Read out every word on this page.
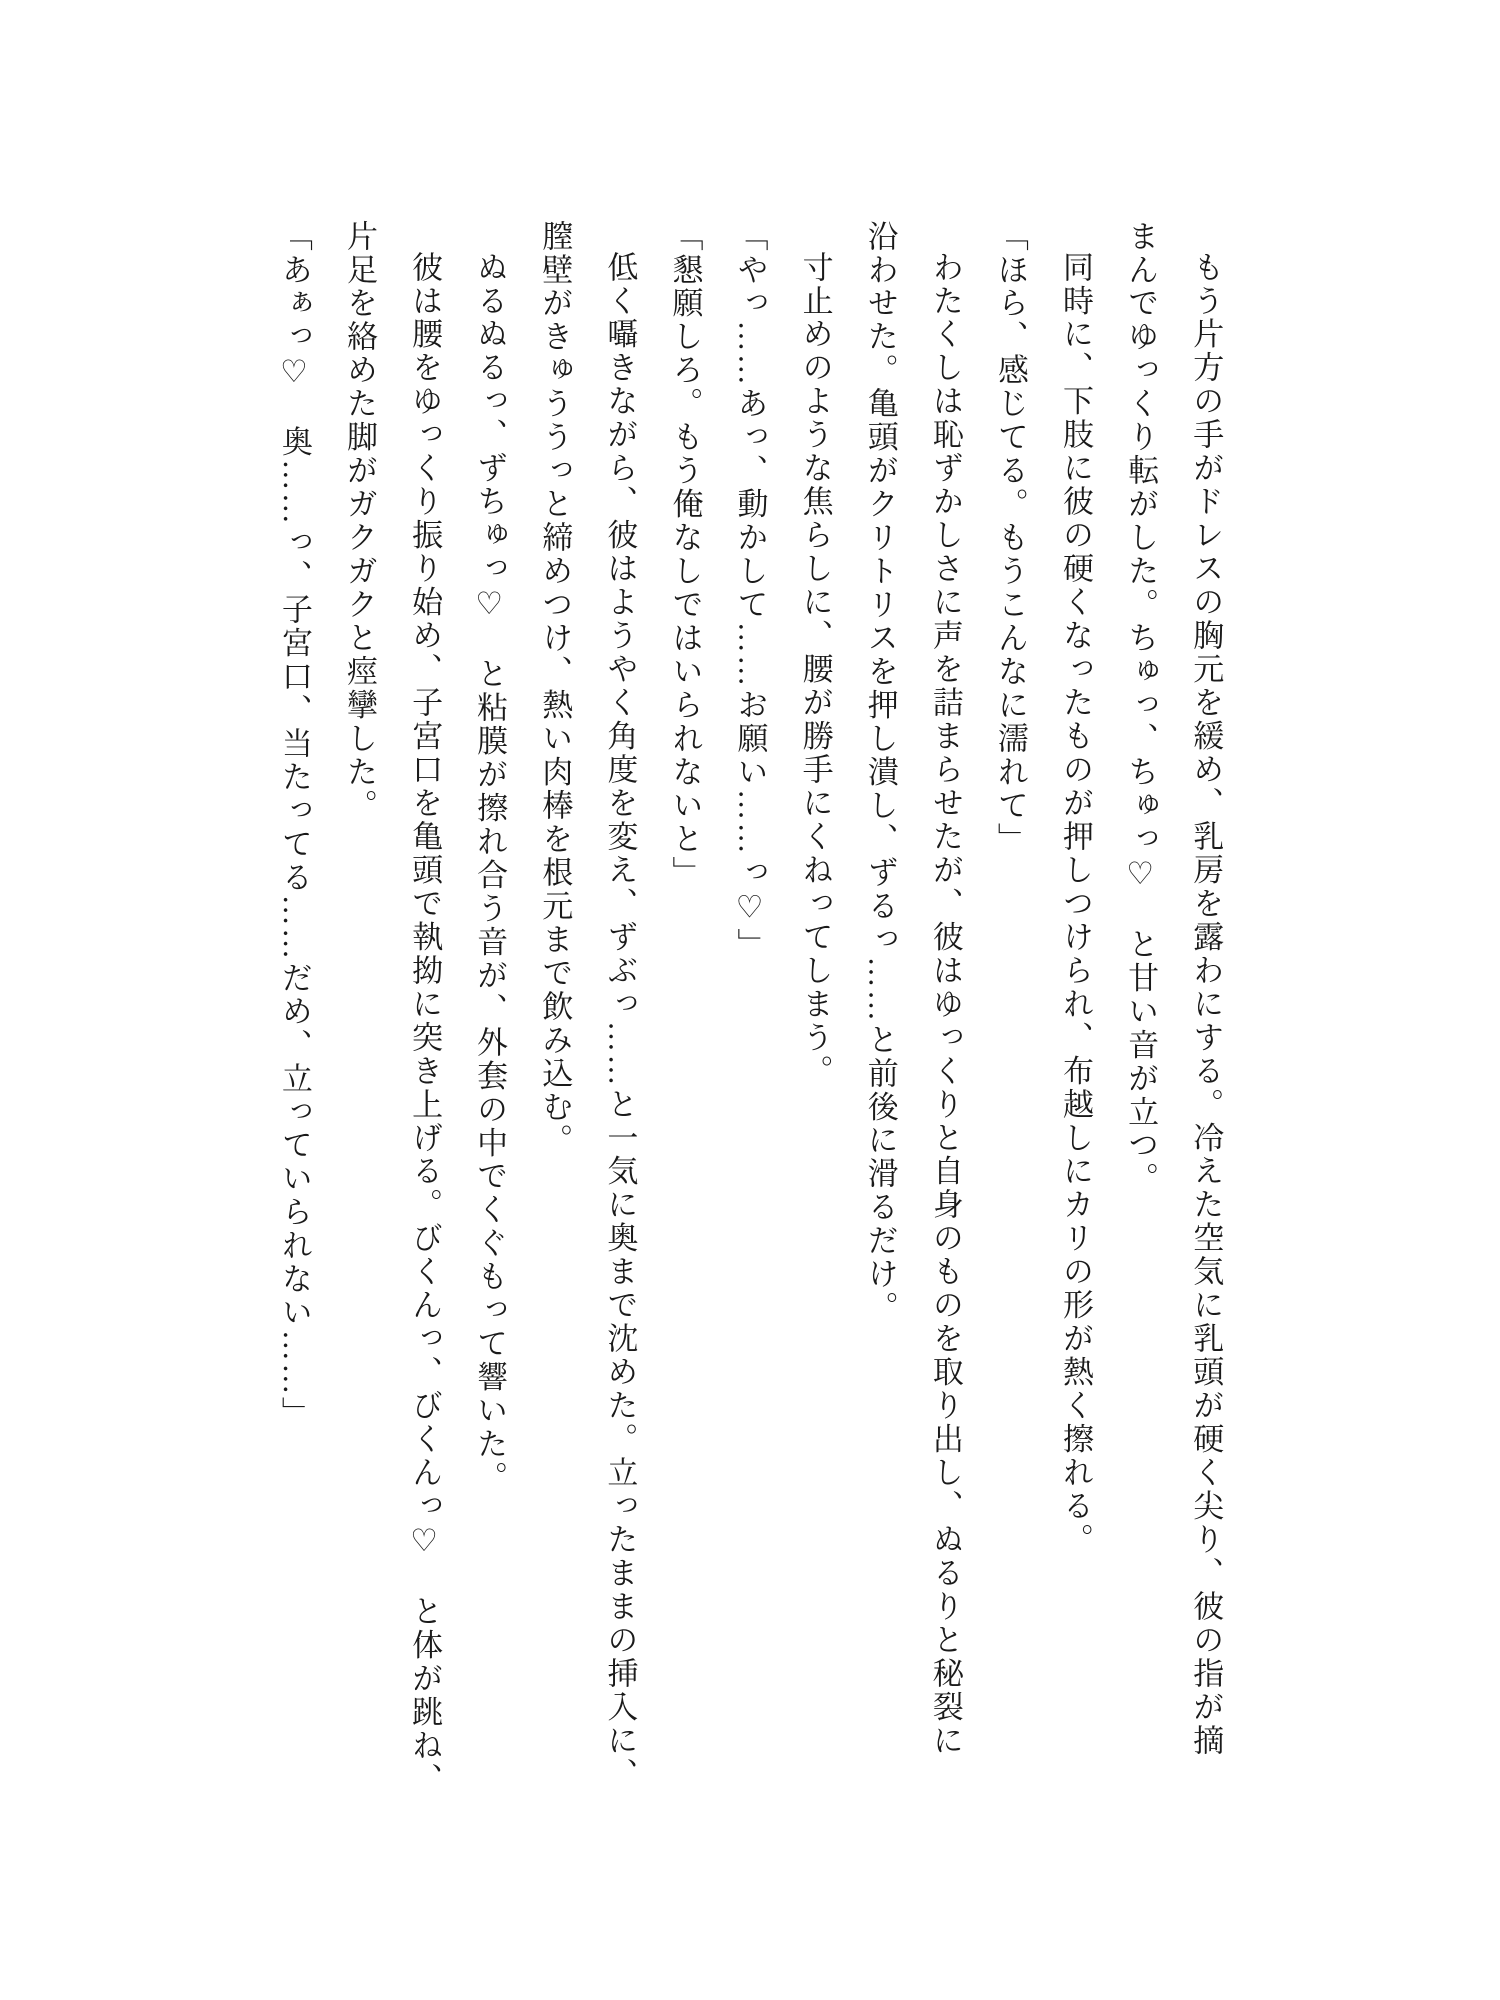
もう片方の手がドレスの胸元を緩め、乳房を露わにする。冷えた空気に乳頭が硬く尖り、彼の指が摘

まんでゆっくり転がした。ちゅっ、ちゅっ♡　と甘い音が立つ。

同時に、下肢に彼の硬くなったものが押しつけられ、布越しにカリの形が熱く擦れる。

「ほら、感じてる。もうこんなに濡れて」

わたくしは恥ずかしさに声を詰まらせたが、彼はゆっくりと自身のものを取り出し、ぬるりと秘裂に

沿わせた。亀頭がクリトリスを押し潰し、ずるっ……と前後に滑るだけ。

寸止めのような焦らしに、腰が勝手にくねってしまう。

「やっ……あっ、動かして……お願い……っ♡」

「懇願しろ。もう俺なしではいられないと」

低く囁きながら、彼はようやく角度を変え、ずぶっ……と一気に奥まで沈めた。立ったままの挿入に、

膣壁がきゅううっと締めつけ、熱い肉棒を根元まで飲み込む。

ぬるぬるっ、ずちゅっ♡　と粘膜が擦れ合う音が、外套の中でくぐもって響いた。

彼は腰をゆっくり振り始め、子宮口を亀頭で執拗に突き上げる。びくんっ、びくんっ♡　と体が跳ね、

片足を絡めた脚がガクガクと痙攣した。

「あぁっ♡　奥……っ、子宮口、当たってる……だめ、立っていられない……」
